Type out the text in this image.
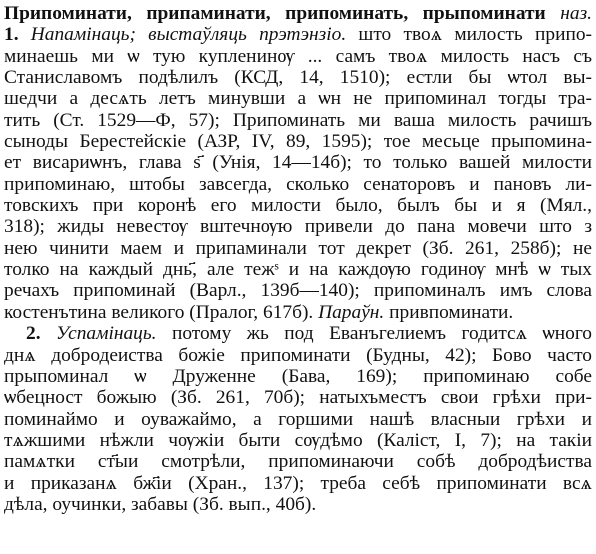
Припоминати, припаминати, припоминать, прыпоминати наз.
1. Напамінаць; выстаўляць прэтэнзіо. што твоѧ милость припо-
минаешь ми ѡ тую купленинѹ ... самъ твоѧ милость насъ съ
Станиславомъ подѣлилъ (КСД, 14, 1510); естли бы ѡтол вы-
шедчи а десѧть летъ минувши а ѡн не припоминал тогды тра-
тить (Ст. 1529—Ф, 57); Припоминать ми ваша милость рачишъ
сыноды Берестейскіе (АЗР, IV, 89, 1595); тое месьце прыпомина-
ет висариѡнъ, глава ѕ҃ (Унія, 14—14б); то только вашей милости
припоминаю, штобы завсегда, сколько сенаторовъ и пановъ ли-
товскихъ при коронѣ его милости было, былъ бы и я (Мял.,
318); жиды невестѹ вштечнѹю привели до пана мовечи што з
нею чинити маем и припаминали тот декрет (Зб. 261, 258б); не
толко на каждый днь҃, але тежˢ и на каждѹю годинѹ мнѣ ѡ тых
речахъ припоминай (Варл., 139б—140); припоминалъ имъ слова
костенътина великого (Пралог, 617б). Параўн. привпоминати.
2. Успамінаць. потому жь под Еванъгелиемъ годитсѧ ѡного
днѧ добродеиства божіе припоминати (Будны, 42); Бово часто
прыпоминал ѡ Друженне (Бава, 169); припоминаю собе
ѡбецност божыю (Зб. 261, 70б); натыхъместъ свои грѣхи при-
поминаймо и оуважаймо, а горшими нашѣ власныи грѣхи и
тѧжшими нѣжли чѹжіи быти сѹдѣмо (Каліст, I, 7); на такіи
памѧтки ст҃ыи смотрѣли, припоминаючи собѣ добродѣиства
и приказанѧ бж҃іи (Хран., 137); треба себѣ припоминати всѧ
дѣла, оучинки, забавы (Зб. вып., 40б).
